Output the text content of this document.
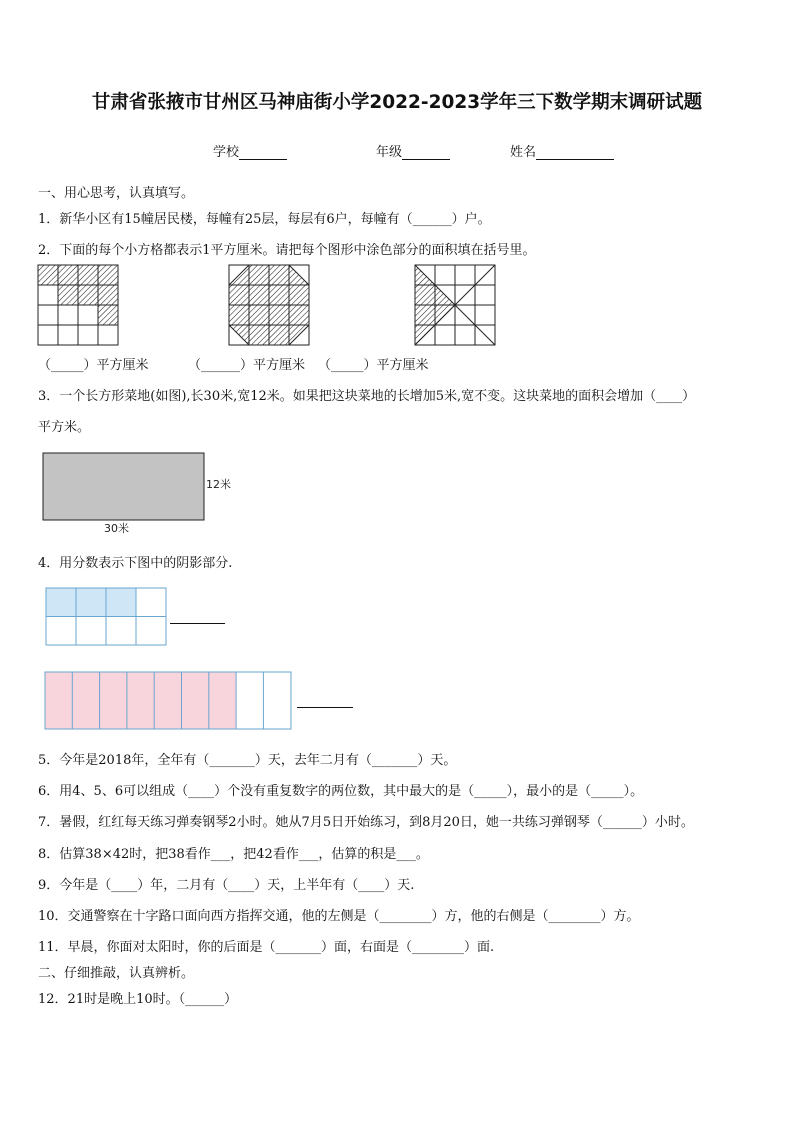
甘肃省张掖市甘州区马神庙街小学2022-2023学年三下数学期末调研试题
学校	年级	姓名
一、用心思考，认真填写。
1．新华小区有15幢居民楼，每幢有25层，每层有6户，每幢有（______）户。
2．下面的每个小方格都表示1平方厘米。请把每个图形中涂色部分的面积填在括号里。
（_____）平方厘米	（______）平方厘米 （_____）平方厘米
3．一个长方形菜地(如图),长30米,宽12米。如果把这块菜地的长增加5米,宽不变。这块菜地的面积会增加（____）
平方米。
12米
30米
4．用分数表示下图中的阴影部分.
5．今年是2018年，全年有（_______）天，去年二月有（_______）天。
6．用4、5、6可以组成（____）个没有重复数字的两位数，其中最大的是（_____），最小的是（_____）。
7．暑假，红红每天练习弹奏钢琴2小时。她从7月5日开始练习，到8月20日，她一共练习弹钢琴（______）小时。
8．估算38×42时，把38看作___，把42看作___，估算的积是___。
9．今年是（____）年，二月有（____）天，上半年有（____）天.
10．交通警察在十字路口面向西方指挥交通，他的左侧是（________）方，他的右侧是（________）方。
11．早晨，你面对太阳时，你的后面是（_______）面，右面是（________）面.
二、仔细推敲，认真辨析。
12．21时是晚上10时。（______）
